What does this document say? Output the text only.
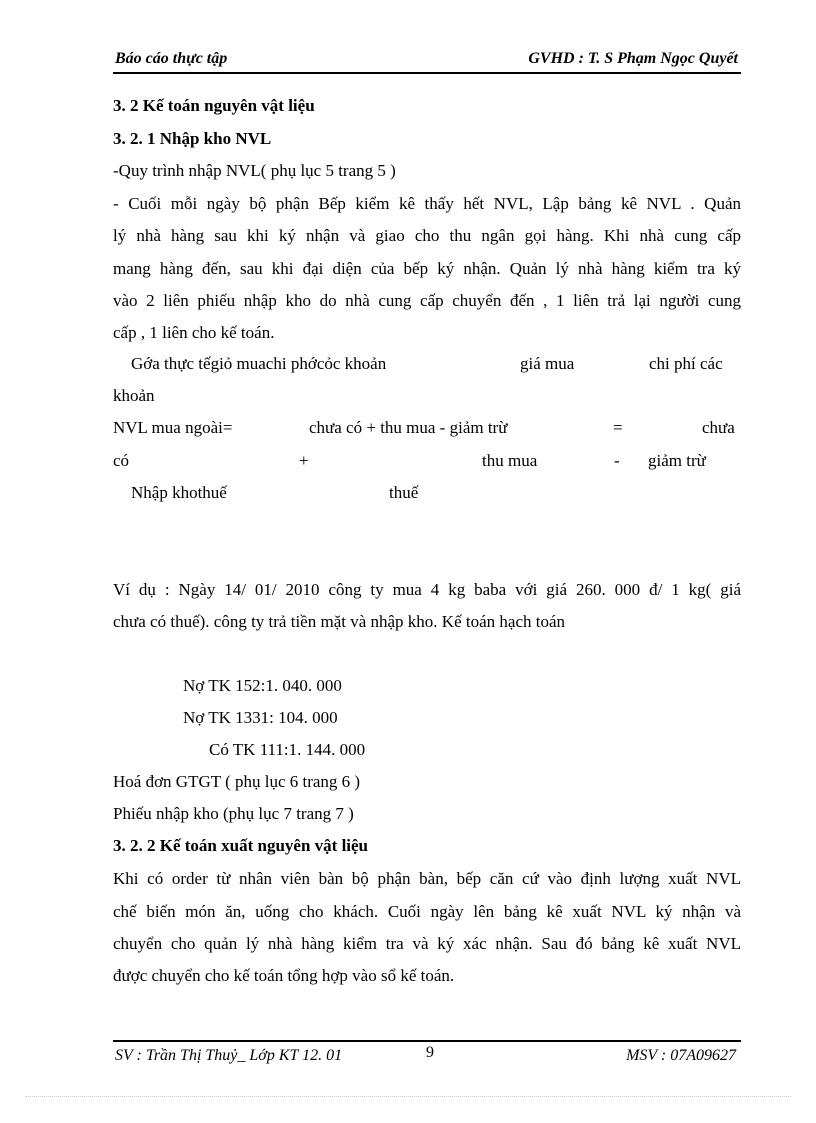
Báo cáo thực tập	GVHD : T. S Phạm Ngọc Quyết
3. 2 Kế toán nguyên vật liệu
3. 2. 1 Nhập kho NVL
-Quy trình nhập NVL( phụ lục 5 trang 5 )
- Cuối mỗi ngày bộ phận Bếp kiểm kê thấy hết NVL, Lập bảng kê NVL . Quản
lý nhà hàng sau khi ký nhận và giao cho thu ngân gọi hàng. Khi nhà cung cấp
mang hàng đến, sau khi đại diện của bếp ký nhận. Quản lý nhà hàng kiểm tra ký
vào 2 liên phiếu nhập kho do nhà cung cấp chuyển đến , 1 liên trả lại người cung
cấp , 1 liên cho kế toán.
Gớa thực tếgiỏ muachi phớcỏc khoản	giá mua	chi phí các
khoản
NVL mua ngoài=	chưa có + thu mua - giảm trừ	=	chưa
có	+	thu mua	- giảm trừ
Nhập khothuế	thuế
Ví dụ : Ngày 14/ 01/ 2010 công ty mua 4 kg baba với giá 260. 000 đ/ 1 kg( giá
chưa có thuế). công ty trả tiền mặt và nhập kho. Kế toán hạch toán
Nợ TK 152:1. 040. 000
Nợ TK 1331: 104. 000
Có TK 111:1. 144. 000
Hoá đơn GTGT ( phụ lục 6 trang 6 )
Phiếu nhập kho (phụ lục 7 trang 7 )
3. 2. 2 Kế toán xuất nguyên vật liệu
Khi có order từ nhân viên bàn bộ phận bàn, bếp căn cứ vào định lượng xuất NVL
chế biến món ăn, uống cho khách. Cuối ngày lên bảng kê xuất NVL ký nhận và
chuyển cho quản lý nhà hàng kiểm tra và ký xác nhận. Sau đó bảng kê xuất NVL
được chuyển cho kế toán tổng hợp vào sổ kế toán.
SV : Trần Thị Thuỷ_ Lớp KT 12. 01	9	MSV : 07A09627
